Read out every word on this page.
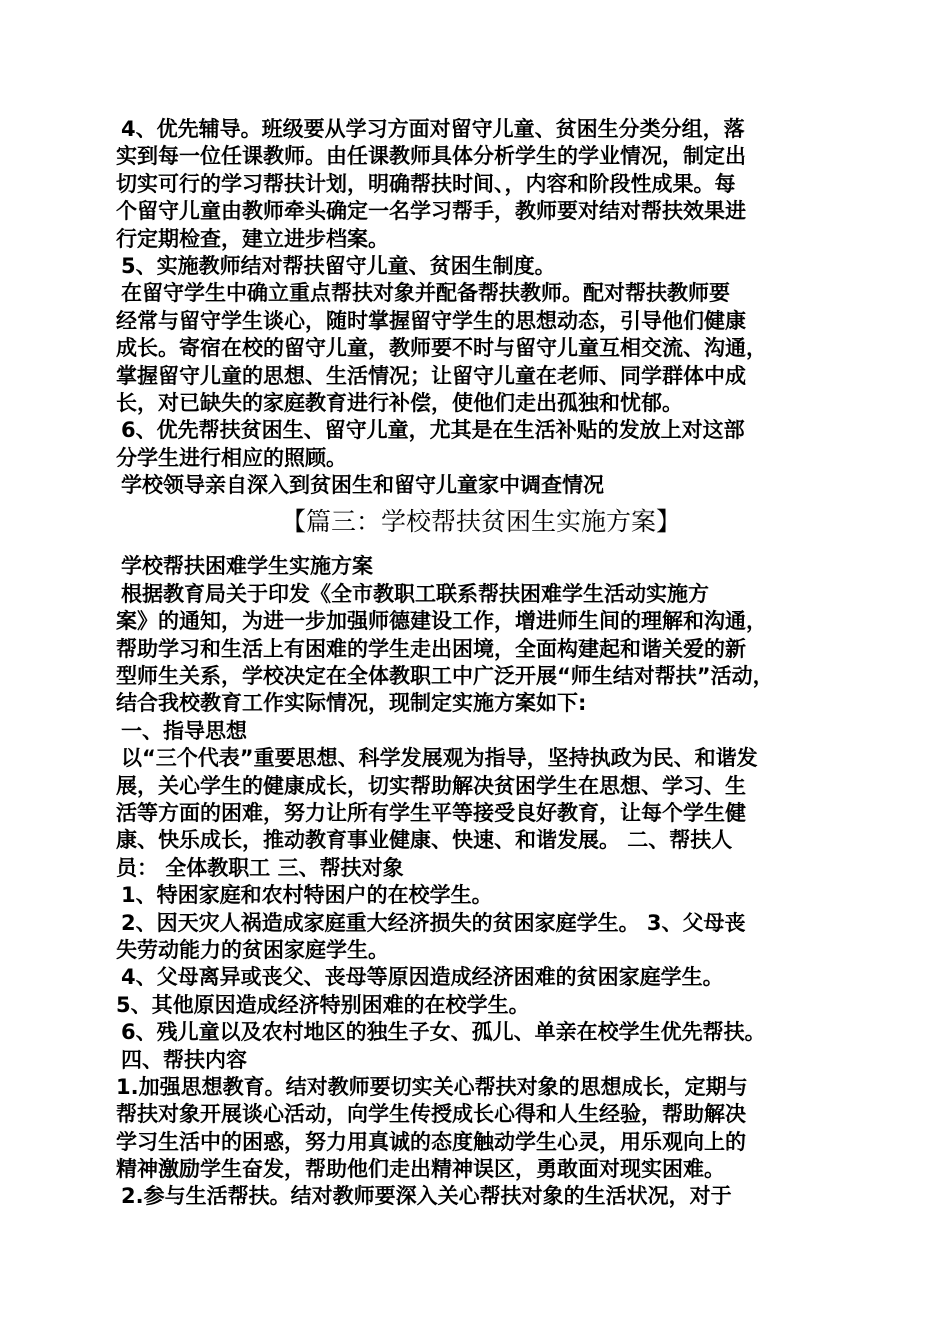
4、优先辅导。班级要从学习方面对留守儿童、贫困生分类分组，落
实到每一位任课教师。由任课教师具体分析学生的学业情况，制定出
切实可行的学习帮扶计划，明确帮扶时间、，内容和阶段性成果。每
个留守儿童由教师牵头确定一名学习帮手，教师要对结对帮扶效果进
行定期检查，建立进步档案。
5、实施教师结对帮扶留守儿童、贫困生制度。
在留守学生中确立重点帮扶对象并配备帮扶教师。配对帮扶教师要
经常与留守学生谈心，随时掌握留守学生的思想动态，引导他们健康
成长。寄宿在校的留守儿童，教师要不时与留守儿童互相交流、沟通，
掌握留守儿童的思想、生活情况；让留守儿童在老师、同学群体中成
长，对已缺失的家庭教育进行补偿，使他们走出孤独和忧郁。
6、优先帮扶贫困生、留守儿童，尤其是在生活补贴的发放上对这部
分学生进行相应的照顾。
学校领导亲自深入到贫困生和留守儿童家中调查情况
【篇三：学校帮扶贫困生实施方案】
学校帮扶困难学生实施方案
根据教育局关于印发《全市教职工联系帮扶困难学生活动实施方
案》的通知，为进一步加强师德建设工作，增进师生间的理解和沟通，
帮助学习和生活上有困难的学生走出困境，全面构建起和谐关爱的新
型师生关系，学校决定在全体教职工中广泛开展“师生结对帮扶”活动，
结合我校教育工作实际情况，现制定实施方案如下:
一、指导思想
以“三个代表”重要思想、科学发展观为指导，坚持执政为民、和谐发
展，关心学生的健康成长，切实帮助解决贫困学生在思想、学习、生
活等方面的困难，努力让所有学生平等接受良好教育，让每个学生健
康、快乐成长，推动教育事业健康、快速、和谐发展。 二、帮扶人
员： 全体教职工 三、帮扶对象
1、特困家庭和农村特困户的在校学生。
2、因天灾人祸造成家庭重大经济损失的贫困家庭学生。 3、父母丧
失劳动能力的贫困家庭学生。
4、父母离异或丧父、丧母等原因造成经济困难的贫困家庭学生。
5、其他原因造成经济特别困难的在校学生。
6、残儿童以及农村地区的独生子女、孤儿、单亲在校学生优先帮扶。
四、帮扶内容
1.加强思想教育。结对教师要切实关心帮扶对象的思想成长，定期与
帮扶对象开展谈心活动，向学生传授成长心得和人生经验，帮助解决
学习生活中的困惑，努力用真诚的态度触动学生心灵，用乐观向上的
精神激励学生奋发，帮助他们走出精神误区，勇敢面对现实困难。
2.参与生活帮扶。结对教师要深入关心帮扶对象的生活状况，对于
